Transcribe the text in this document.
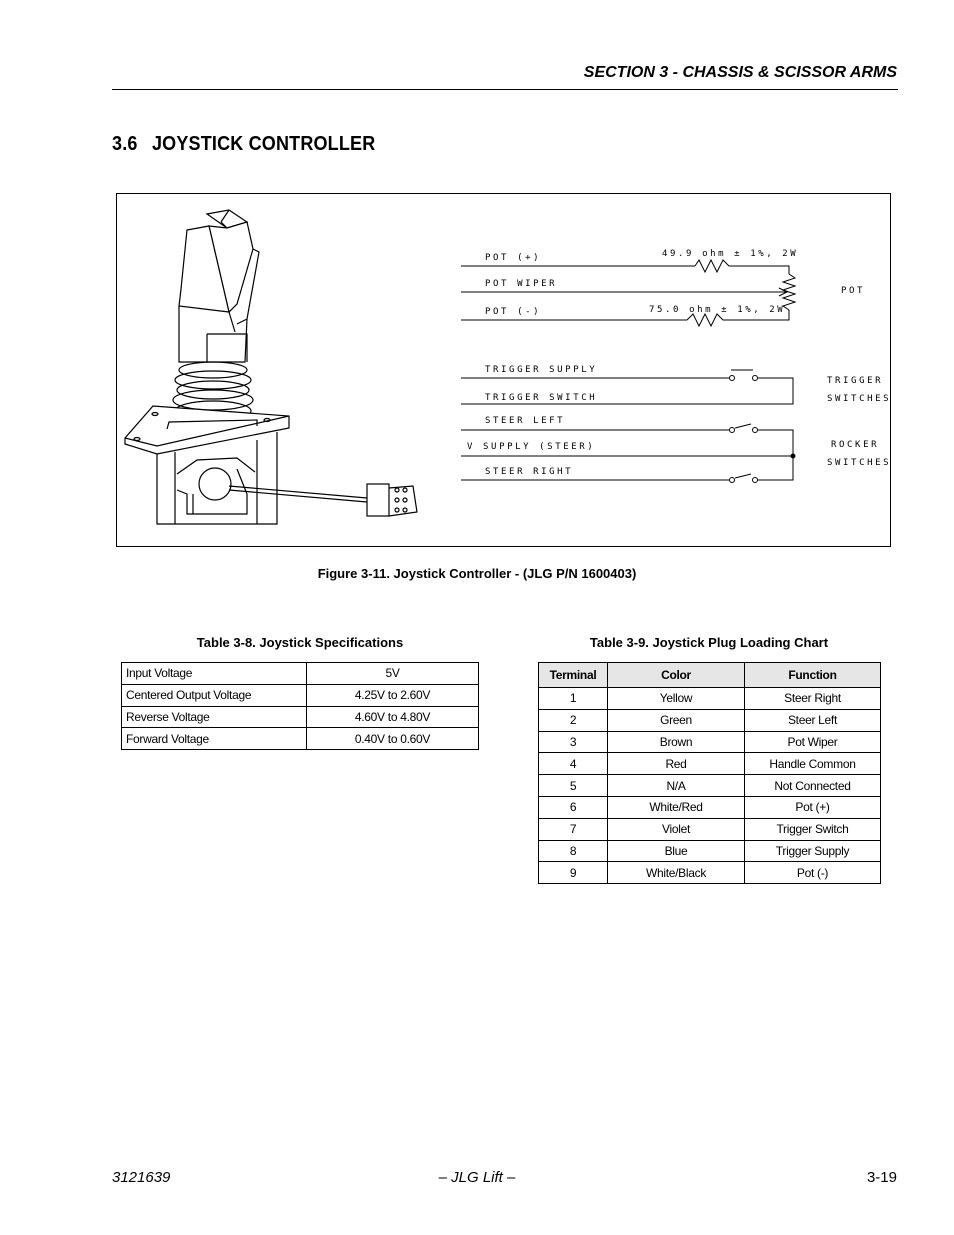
SECTION 3 - CHASSIS & SCISSOR ARMS
3.6 JOYSTICK CONTROLLER
POT (+)
POT WIPER
POT (-)
49.9 ohm ± 1%, 2W
75.0 ohm ± 1%, 2W
POT
TRIGGER SUPPLY
TRIGGER SWITCH
TRIGGER
SWITCHES
STEER LEFT
V SUPPLY (STEER)
STEER RIGHT
ROCKER
SWITCHES
Figure 3-11. Joystick Controller - (JLG P/N 1600403)
Table 3-8. Joystick Specifications
Input Voltage	5V
Centered Output Voltage	4.25V to 2.60V
Reverse Voltage	4.60V to 4.80V
Forward Voltage	0.40V to 0.60V
Table 3-9. Joystick Plug Loading Chart
Terminal	Color	Function
1	Yellow	Steer Right
2	Green	Steer Left
3	Brown	Pot Wiper
4	Red	Handle Common
5	N/A	Not Connected
6	White/Red	Pot (+)
7	Violet	Trigger Switch
8	Blue	Trigger Supply
9	White/Black	Pot (-)
3121639	– JLG Lift –	3-19
